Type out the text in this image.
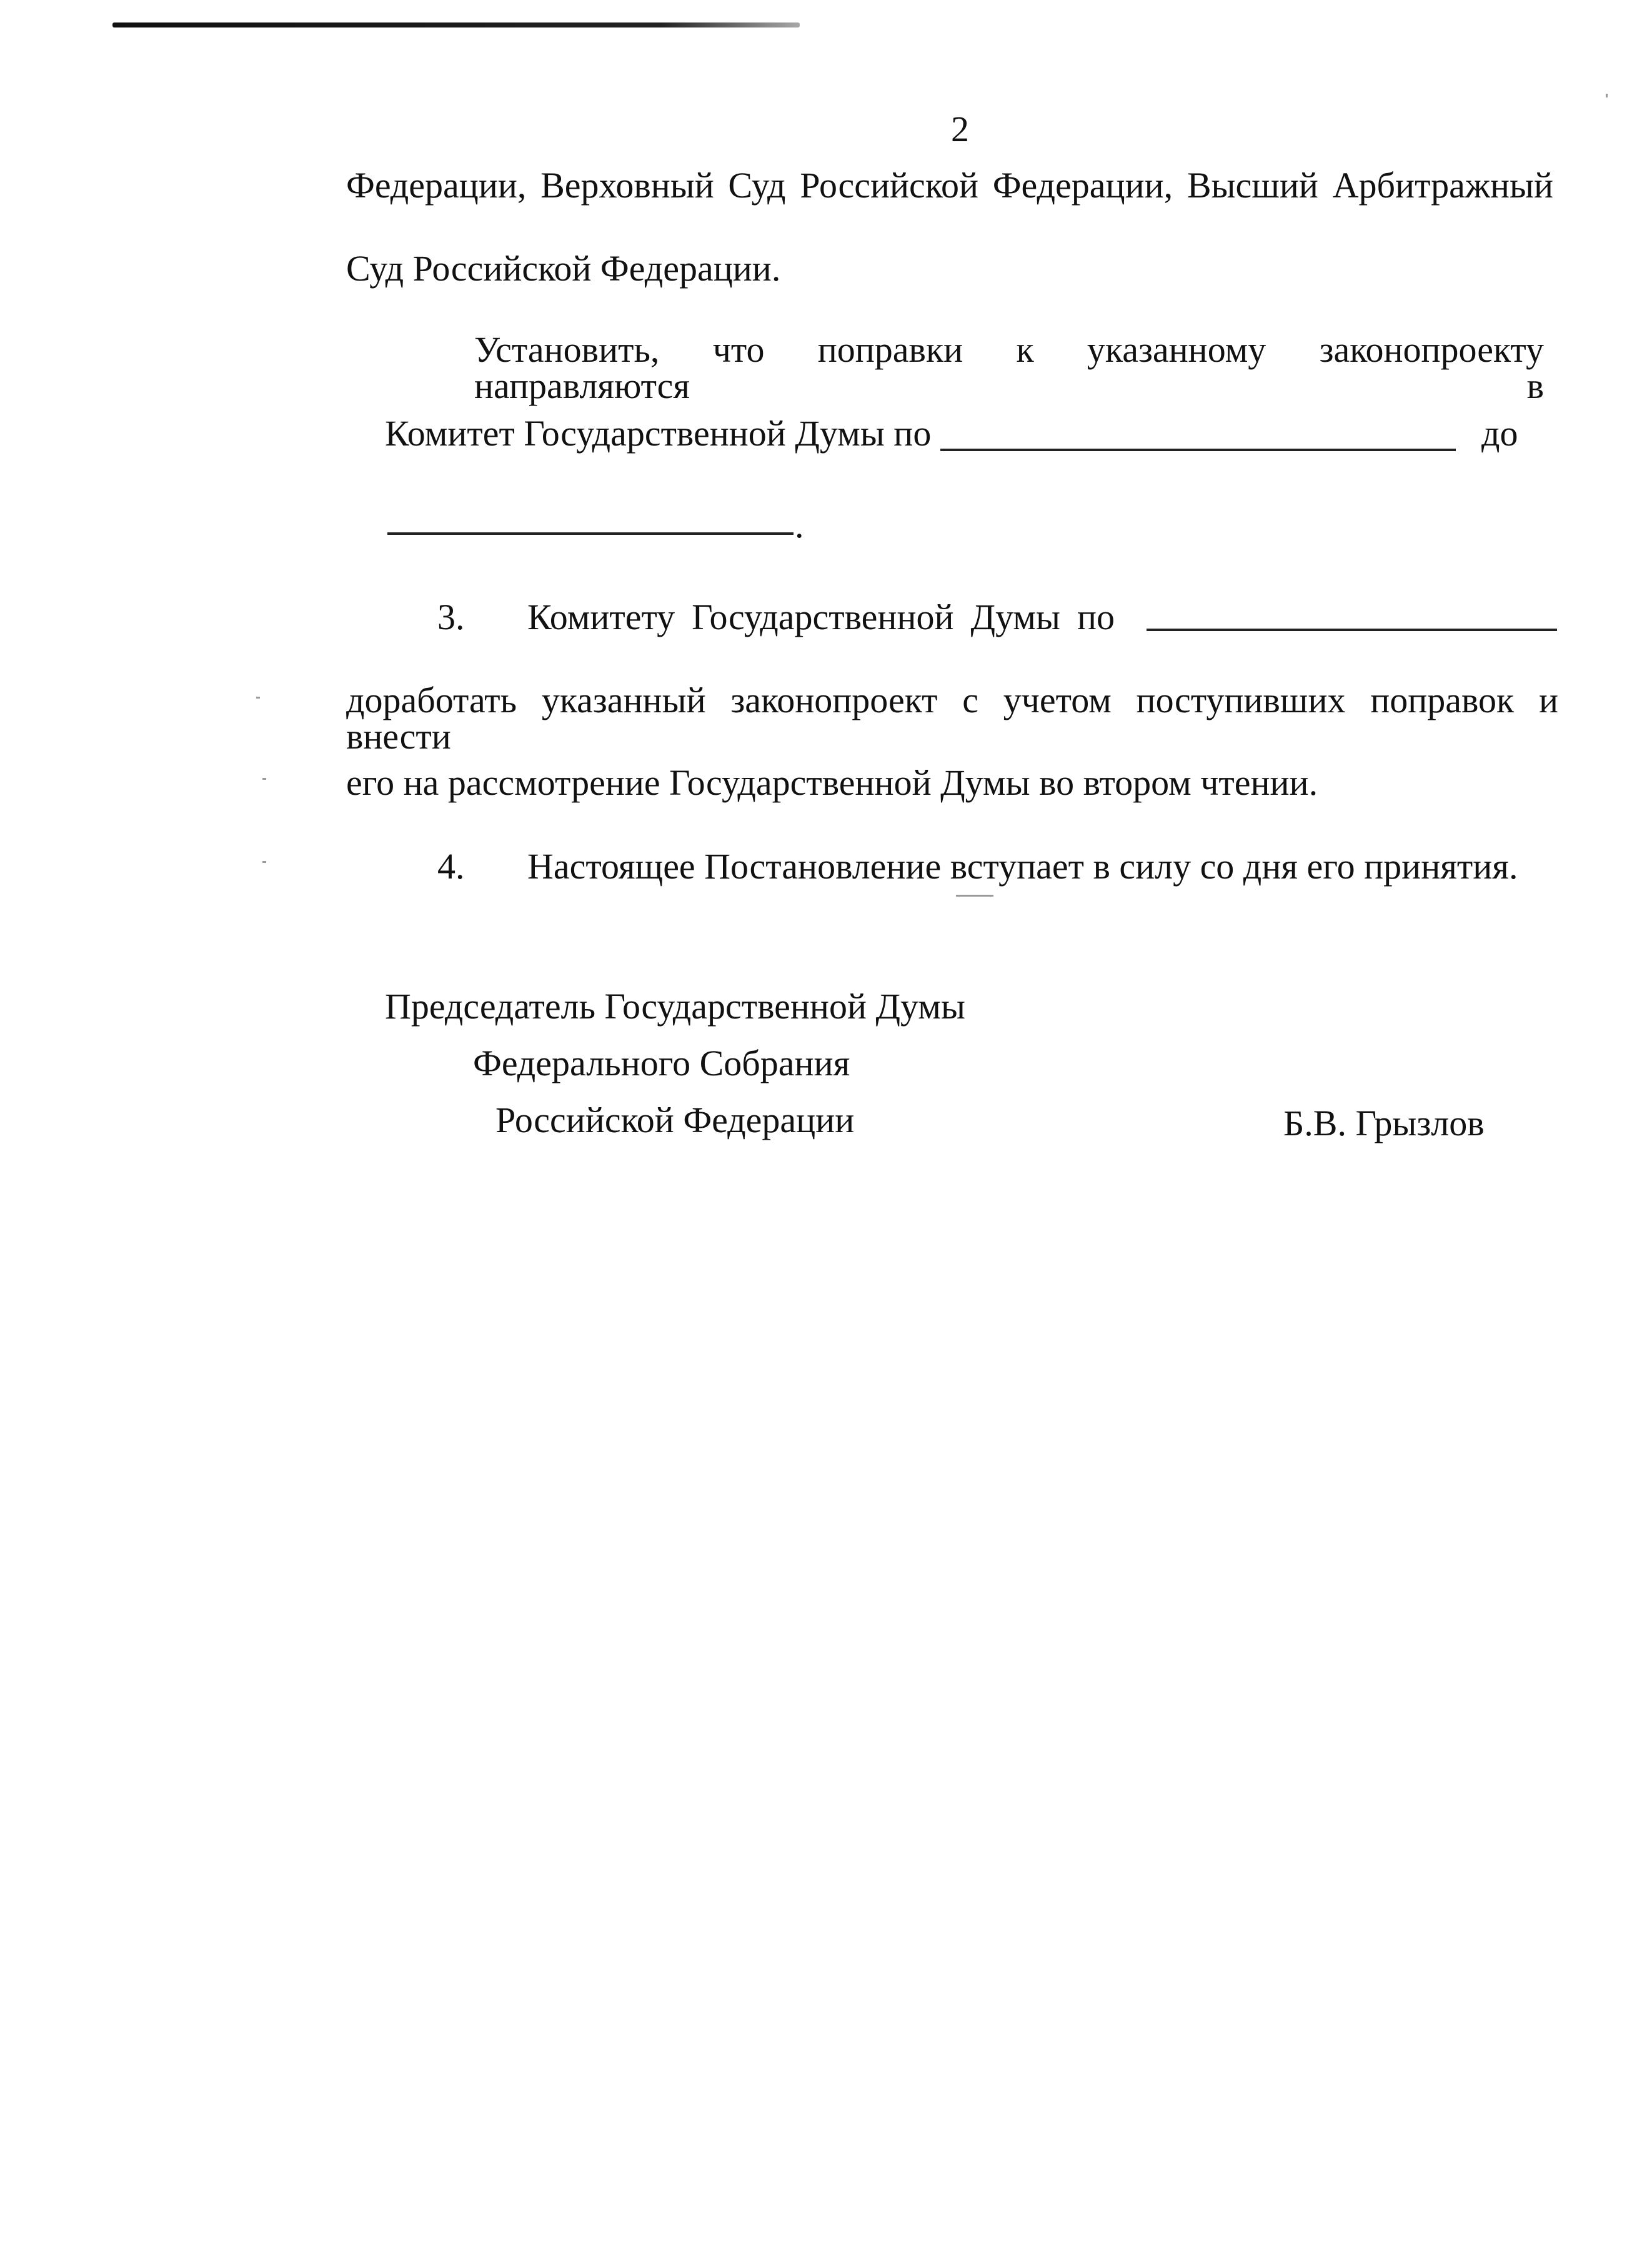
2
Федерации, Верховный Суд Российской Федерации, Высший Арбитражный
Суд Российской Федерации.
Установить, что поправки к указанному законопроекту направляются в
Комитет Государственной Думы по	до
.
3. Комитету Государственной Думы по
доработать указанный законопроект с учетом поступивших поправок и внести
его на рассмотрение Государственной Думы во втором чтении.
4. Настоящее Постановление вступает в силу со дня его принятия.
Председатель Государственной Думы
Федерального Собрания
Российской Федерации	Б.В. Грызлов
